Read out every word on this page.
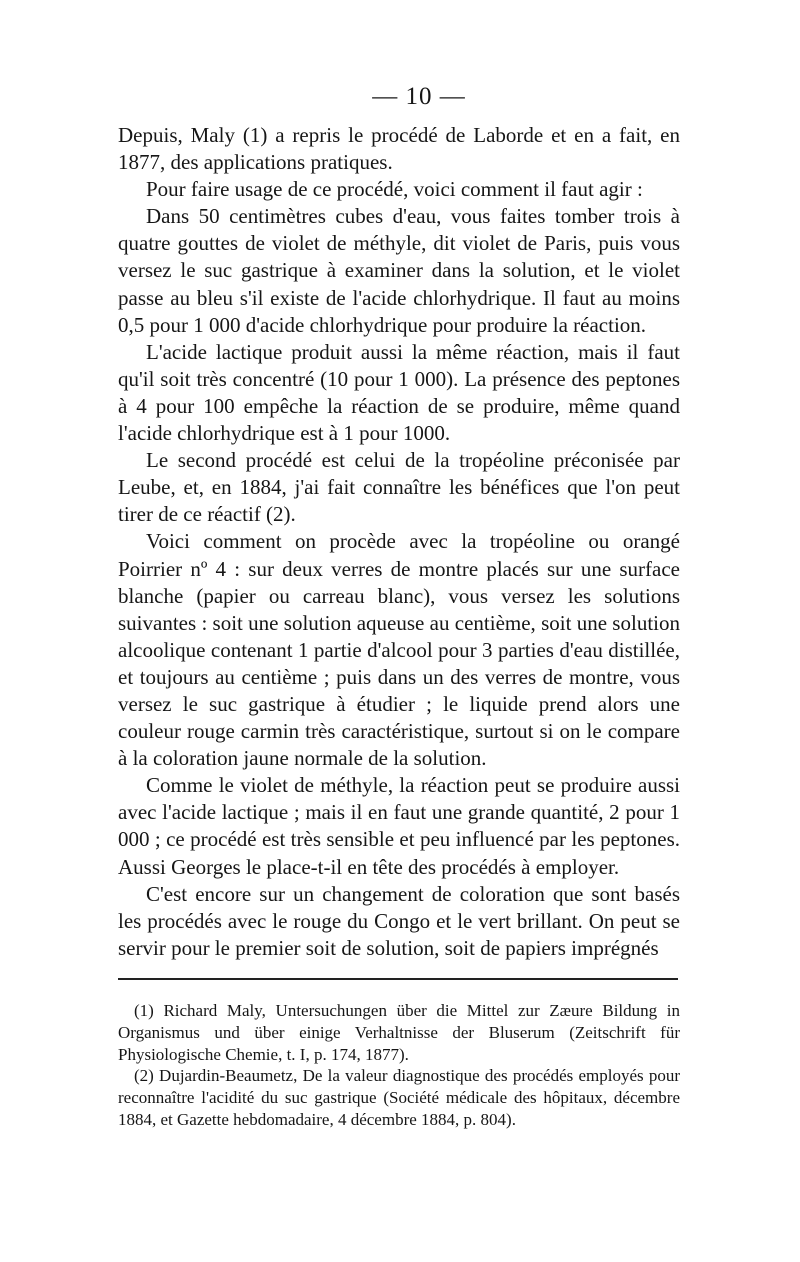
— 10 —

Depuis, Maly (1) a repris le procédé de Laborde et en a fait, en 1877, des applications pratiques.

Pour faire usage de ce procédé, voici comment il faut agir :

Dans 50 centimètres cubes d'eau, vous faites tomber trois à quatre gouttes de violet de méthyle, dit violet de Paris, puis vous versez le suc gastrique à examiner dans la solution, et le violet passe au bleu s'il existe de l'acide chlorhydrique. Il faut au moins 0,5 pour 1 000 d'acide chlorhydrique pour produire la réaction.

L'acide lactique produit aussi la même réaction, mais il faut qu'il soit très concentré (10 pour 1 000). La présence des peptones à 4 pour 100 empêche la réaction de se produire, même quand l'acide chlorhydrique est à 1 pour 1000.

Le second procédé est celui de la tropéoline préconisée par Leube, et, en 1884, j'ai fait connaître les bénéfices que l'on peut tirer de ce réactif (2).

Voici comment on procède avec la tropéoline ou orangé Poirrier nº 4 : sur deux verres de montre placés sur une surface blanche (papier ou carreau blanc), vous versez les solutions suivantes : soit une solution aqueuse au centième, soit une solution alcoolique contenant 1 partie d'alcool pour 3 parties d'eau distillée, et toujours au centième ; puis dans un des verres de montre, vous versez le suc gastrique à étudier ; le liquide prend alors une couleur rouge carmin très caractéristique, surtout si on le compare à la coloration jaune normale de la solution.

Comme le violet de méthyle, la réaction peut se produire aussi avec l'acide lactique ; mais il en faut une grande quantité, 2 pour 1 000 ; ce procédé est très sensible et peu influencé par les peptones. Aussi Georges le place-t-il en tête des procédés à employer.

C'est encore sur un changement de coloration que sont basés les procédés avec le rouge du Congo et le vert brillant. On peut se servir pour le premier soit de solution, soit de papiers imprégnés

(1) Richard Maly, Untersuchungen über die Mittel zur Zæure Bildung in Organismus und über einige Verhaltnisse der Bluserum (Zeitschrift für Physiologische Chemie, t. I, p. 174, 1877).

(2) Dujardin-Beaumetz, De la valeur diagnostique des procédés employés pour reconnaître l'acidité du suc gastrique (Société médicale des hôpitaux, décembre 1884, et Gazette hebdomadaire, 4 décembre 1884, p. 804).
